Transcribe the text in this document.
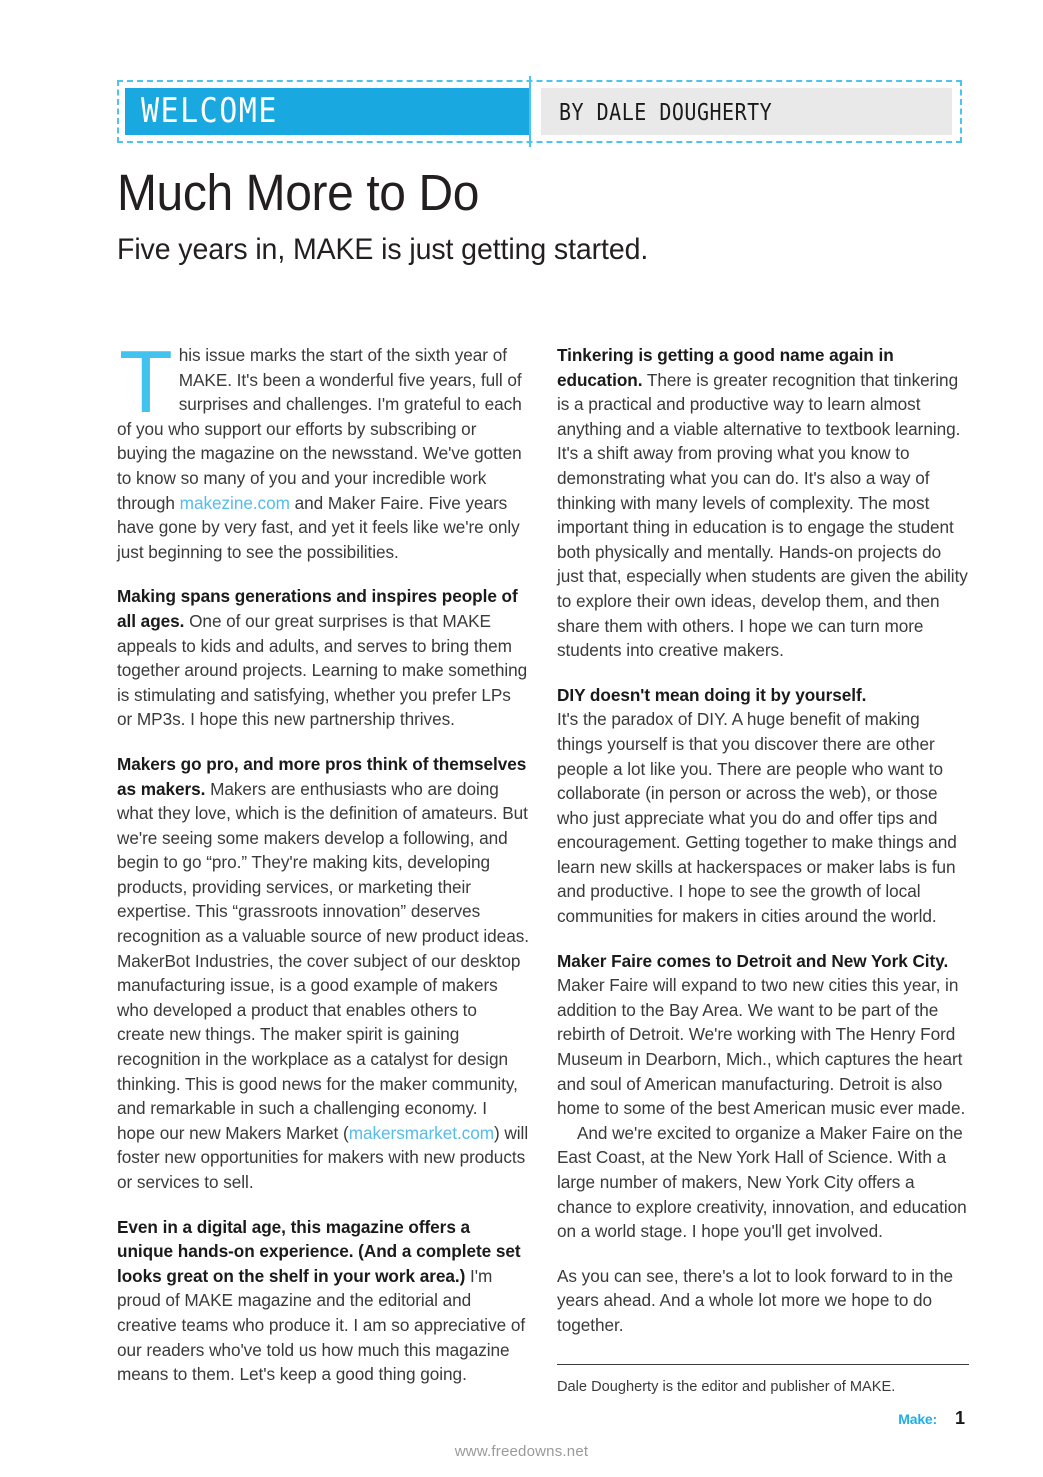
WELCOME	BY DALE DOUGHERTY
Much More to Do

Five years in, MAKE is just getting started.

This issue marks the start of the sixth year of MAKE. It's been a wonderful five years, full of surprises and challenges. I'm grateful to each of you who support our efforts by subscribing or buying the magazine on the newsstand. We've gotten to know so many of you and your incredible work through makezine.com and Maker Faire. Five years have gone by very fast, and yet it feels like we're only just beginning to see the possibilities.

Making spans generations and inspires people of all ages. One of our great surprises is that MAKE appeals to kids and adults, and serves to bring them together around projects. Learning to make something is stimulating and satisfying, whether you prefer LPs or MP3s. I hope this new partnership thrives.

Makers go pro, and more pros think of themselves as makers. Makers are enthusiasts who are doing what they love, which is the definition of amateurs. But we're seeing some makers develop a following, and begin to go “pro.” They're making kits, developing products, providing services, or marketing their expertise. This “grassroots innovation” deserves recognition as a valuable source of new product ideas. MakerBot Industries, the cover subject of our desktop manufacturing issue, is a good example of makers who developed a product that enables others to create new things. The maker spirit is gaining recognition in the workplace as a catalyst for design thinking. This is good news for the maker community, and remarkable in such a challenging economy. I hope our new Makers Market (makersmarket.com) will foster new opportunities for makers with new products or services to sell.

Even in a digital age, this magazine offers a unique hands-on experience. (And a complete set looks great on the shelf in your work area.) I'm proud of MAKE magazine and the editorial and creative teams who produce it. I am so appreciative of our readers who've told us how much this magazine means to them. Let's keep a good thing going.

Tinkering is getting a good name again in education. There is greater recognition that tinkering is a practical and productive way to learn almost anything and a viable alternative to textbook learning. It's a shift away from proving what you know to demonstrating what you can do. It's also a way of thinking with many levels of complexity. The most important thing in education is to engage the student both physically and mentally. Hands-on projects do just that, especially when students are given the ability to explore their own ideas, develop them, and then share them with others. I hope we can turn more students into creative makers.

DIY doesn't mean doing it by yourself.
It's the paradox of DIY. A huge benefit of making things yourself is that you discover there are other people a lot like you. There are people who want to collaborate (in person or across the web), or those who just appreciate what you do and offer tips and encouragement. Getting together to make things and learn new skills at hackerspaces or maker labs is fun and productive. I hope to see the growth of local communities for makers in cities around the world.

Maker Faire comes to Detroit and New York City.
Maker Faire will expand to two new cities this year, in addition to the Bay Area. We want to be part of the rebirth of Detroit. We're working with The Henry Ford Museum in Dearborn, Mich., which captures the heart and soul of American manufacturing. Detroit is also home to some of the best American music ever made.

And we're excited to organize a Maker Faire on the East Coast, at the New York Hall of Science. With a large number of makers, New York City offers a chance to explore creativity, innovation, and education on a world stage. I hope you'll get involved.

As you can see, there's a lot to look forward to in the years ahead. And a whole lot more we hope to do together.

Dale Dougherty is the editor and publisher of MAKE.

Make: 1
www.freedowns.net
